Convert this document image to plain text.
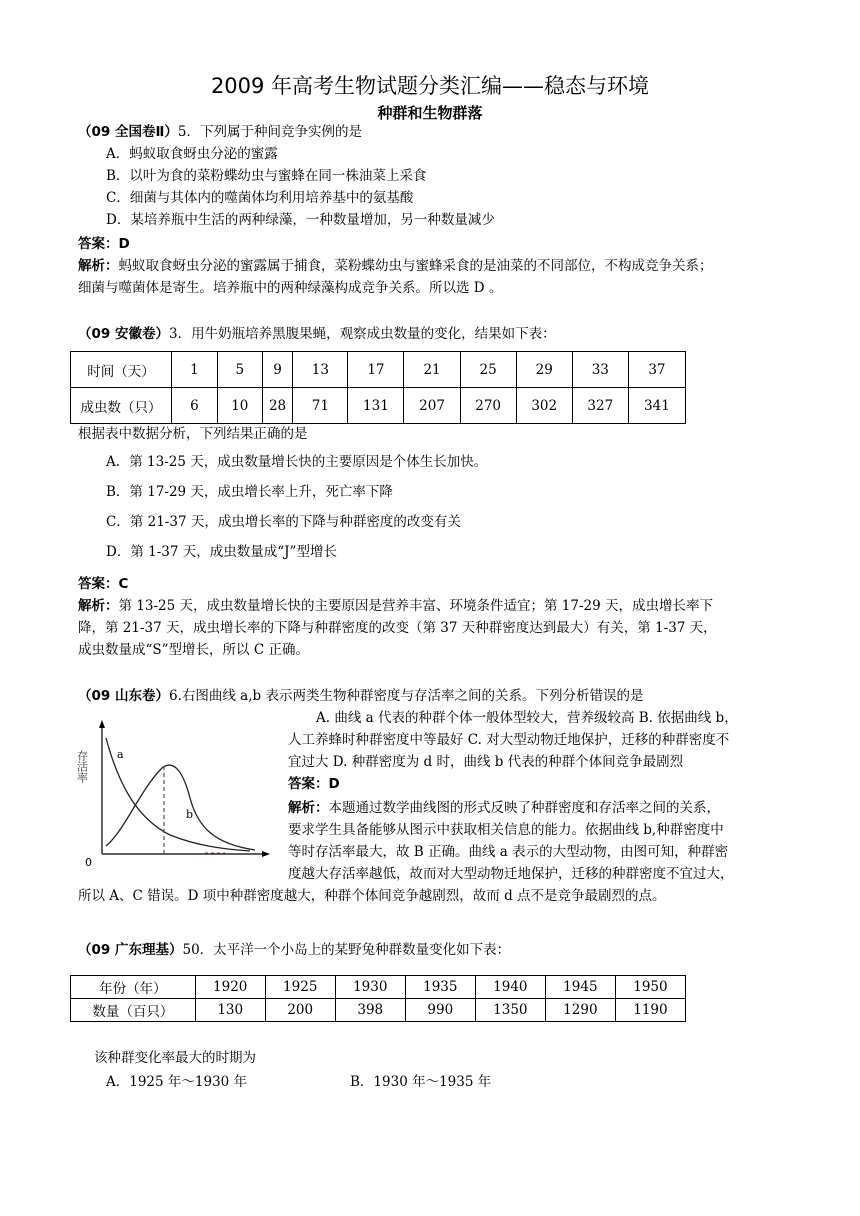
2009 年高考生物试题分类汇编——稳态与环境
种群和生物群落
（09 全国卷Ⅱ）5．下列属于种间竞争实例的是
A．蚂蚁取食蚜虫分泌的蜜露
B．以叶为食的菜粉蝶幼虫与蜜蜂在同一株油菜上采食
C．细菌与其体内的噬菌体均利用培养基中的氨基酸
D．某培养瓶中生活的两种绿藻，一种数量增加，另一种数量减少
答案：D
解析：蚂蚁取食蚜虫分泌的蜜露属于捕食，菜粉蝶幼虫与蜜蜂采食的是油菜的不同部位，不构成竞争关系；
细菌与噬菌体是寄生。培养瓶中的两种绿藻构成竞争关系。所以选 D 。
（09 安徽卷）3．用牛奶瓶培养黑腹果蝇，观察成虫数量的变化，结果如下表：
时间（天）	1	5	9	13	17	21	25	29	33	37
成虫数（只）	6	10	28	71	131	207	270	302	327	341
根据表中数据分析，下列结果正确的是
A．第 13-25 天，成虫数量增长快的主要原因是个体生长加快。
B．第 17-29 天，成虫增长率上升，死亡率下降
C．第 21-37 天，成虫增长率的下降与种群密度的改变有关
D．第 1-37 天，成虫数量成“J”型增长
答案：C
解析：第 13-25 天，成虫数量增长快的主要原因是营养丰富、环境条件适宜；第 17-29 天，成虫增长率下
降，第 21-37 天，成虫增长率的下降与种群密度的改变（第 37 天种群密度达到最大）有关，第 1-37 天，
成虫数量成“S”型增长，所以 C 正确。
（09 山东卷）6.右图曲线 a,b 表示两类生物种群密度与存活率之间的关系。下列分析错误的是
存活率
0
a
b
A. 曲线 a 代表的种群个体一般体型较大，营养级较高 B. 依据曲线 b，
人工养蜂时种群密度中等最好 C. 对大型动物迁地保护，迁移的种群密度不
宜过大 D. 种群密度为 d 时，曲线 b 代表的种群个体间竞争最剧烈
答案：D
解析：本题通过数学曲线图的形式反映了种群密度和存活率之间的关系，
要求学生具备能够从图示中获取相关信息的能力。依据曲线 b,种群密度中
等时存活率最大，故 B 正确。曲线 a 表示的大型动物，由图可知，种群密
度越大存活率越低，故而对大型动物迁地保护，迁移的种群密度不宜过大，
所以 A、C 错误。D 项中种群密度越大，种群个体间竞争越剧烈，故而 d 点不是竞争最剧烈的点。
（09 广东理基）50．太平洋一个小岛上的某野兔种群数量变化如下表：
年份（年）	1920	1925	1930	1935	1940	1945	1950
数量（百只）	130	200	398	990	1350	1290	1190
该种群变化率最大的时期为
A．1925 年～1930 年	B．1930 年～1935 年
